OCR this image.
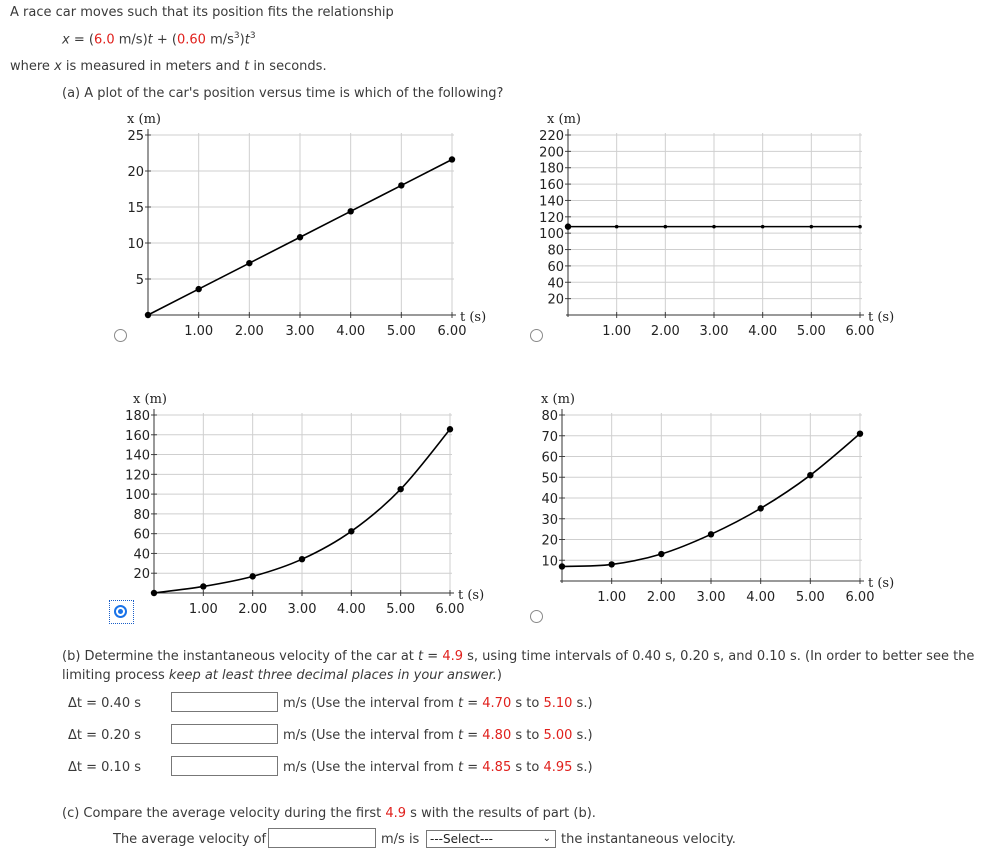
A race car moves such that its position fits the relationship
x = (6.0 m/s)t + (0.60 $m/s^3)t^3$
where x is measured in meters and t in seconds.
(a) A plot of the car's position versus time is which of the following?
1.00 2.00 3.00 4.00 5.00 6.00
5
10
15
20
25
x (m)
t (s)
1.00 2.00 3.00 4.00 5.00 6.00
20
40
60
80
100
120
140
160
180
200
220
x (m)
t (s)
1.00 2.00 3.00 4.00 5.00 6.00
20
40
60
80
100
120
140
160
180
x (m)
t (s)	1.00 2.00 3.00 4.00 5.00 6.00
10
20
30
40
50
60
70
80
x (m)
t (s)
(b) Determine the instantaneous velocity of the car at t = 4.9 s, using time intervals of 0.40 s, 0.20 s, and 0.10 s. (In order to better see the
limiting process keep at least three decimal places in your answer.)
Δt = 0.40 s	m/s (Use the interval from t = 4.70 s to 5.10 s.)
Δt = 0.20 s	m/s (Use the interval from t = 4.80 s to 5.00 s.)
Δt = 0.10 s	m/s (Use the interval from t = 4.85 s to 4.95 s.)
(c) Compare the average velocity during the first 4.9 s with the results of part (b).
The average velocity of	m/s is ---Select---	⌄ the instantaneous velocity.
